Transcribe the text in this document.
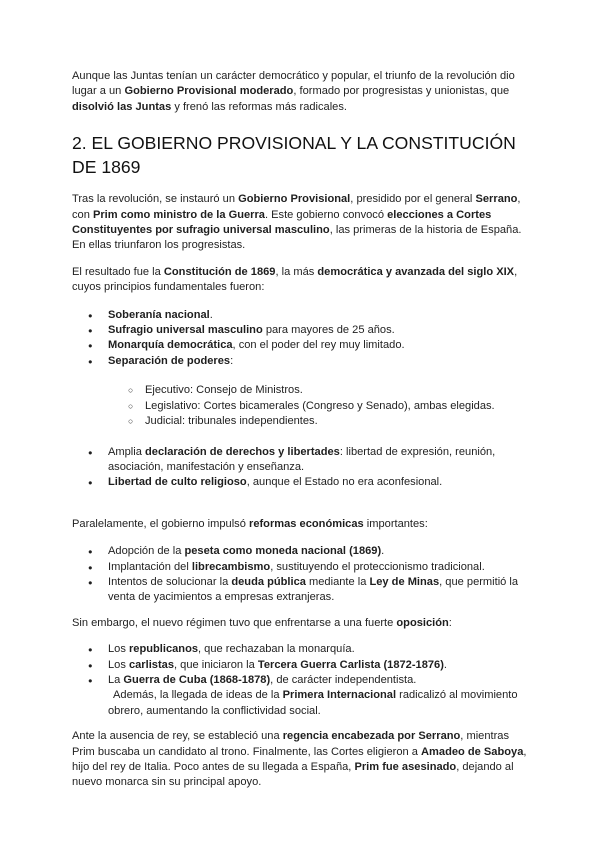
Aunque las Juntas tenían un carácter democrático y popular, el triunfo de la revolución dio lugar a un Gobierno Provisional moderado, formado por progresistas y unionistas, que disolvió las Juntas y frenó las reformas más radicales.

2. EL GOBIERNO PROVISIONAL Y LA CONSTITUCIÓN DE 1869

Tras la revolución, se instauró un Gobierno Provisional, presidido por el general Serrano, con Prim como ministro de la Guerra. Este gobierno convocó elecciones a Cortes Constituyentes por sufragio universal masculino, las primeras de la historia de España. En ellas triunfaron los progresistas.

El resultado fue la Constitución de 1869, la más democrática y avanzada del siglo XIX, cuyos principios fundamentales fueron:

● Soberanía nacional.
● Sufragio universal masculino para mayores de 25 años.
● Monarquía democrática, con el poder del rey muy limitado.
● Separación de poderes:
○ Ejecutivo: Consejo de Ministros.
○ Legislativo: Cortes bicamerales (Congreso y Senado), ambas elegidas.
○ Judicial: tribunales independientes.
● Amplia declaración de derechos y libertades: libertad de expresión, reunión, asociación, manifestación y enseñanza.
● Libertad de culto religioso, aunque el Estado no era aconfesional.

Paralelamente, el gobierno impulsó reformas económicas importantes:

● Adopción de la peseta como moneda nacional (1869).
● Implantación del librecambismo, sustituyendo el proteccionismo tradicional.
● Intentos de solucionar la deuda pública mediante la Ley de Minas, que permitió la venta de yacimientos a empresas extranjeras.

Sin embargo, el nuevo régimen tuvo que enfrentarse a una fuerte oposición:

● Los republicanos, que rechazaban la monarquía.
● Los carlistas, que iniciaron la Tercera Guerra Carlista (1872-1876).
● La Guerra de Cuba (1868-1878), de carácter independentista.
Además, la llegada de ideas de la Primera Internacional radicalizó al movimiento obrero, aumentando la conflictividad social.

Ante la ausencia de rey, se estableció una regencia encabezada por Serrano, mientras Prim buscaba un candidato al trono. Finalmente, las Cortes eligieron a Amadeo de Saboya, hijo del rey de Italia. Poco antes de su llegada a España, Prim fue asesinado, dejando al nuevo monarca sin su principal apoyo.
